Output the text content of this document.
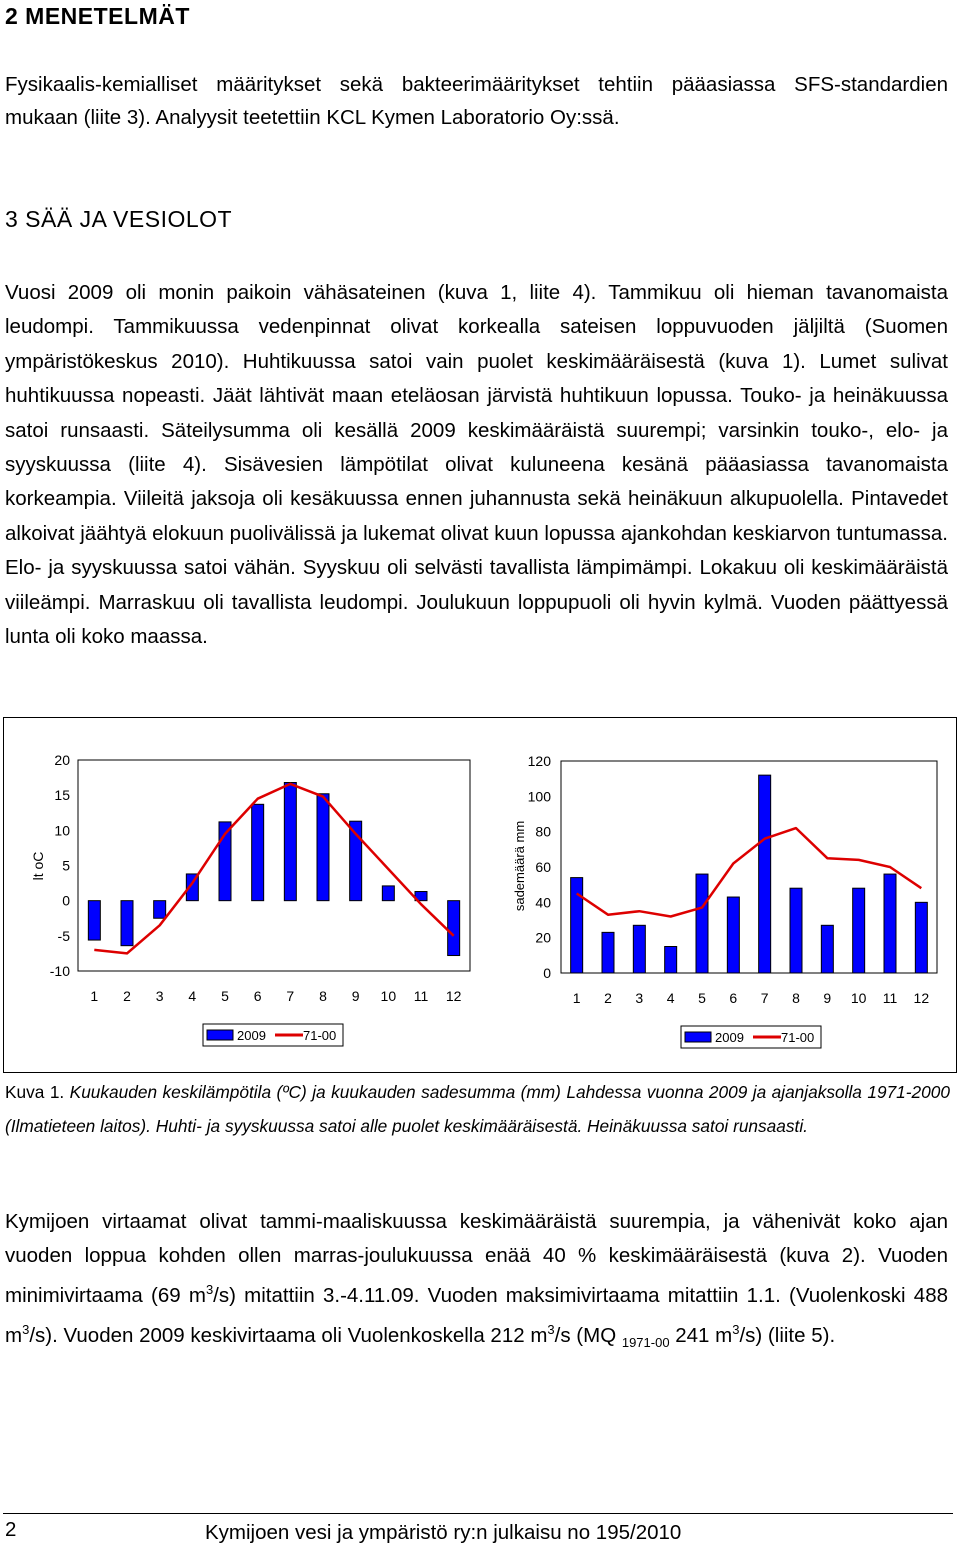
2 MENETELMÄT
Fysikaalis-kemialliset määritykset sekä bakteerimääritykset tehtiin pääasiassa SFS-standardien mukaan (liite 3). Analyysit teetettiin KCL Kymen Laboratorio Oy:ssä.
3 SÄÄ JA VESIOLOT
Vuosi 2009 oli monin paikoin vähäsateinen (kuva 1, liite 4). Tammikuu oli hieman tavanomaista leudompi. Tammikuussa vedenpinnat olivat korkealla sateisen loppuvuoden jäljiltä (Suomen ympäristökeskus 2010). Huhtikuussa satoi vain puolet keskimääräisestä (kuva 1). Lumet sulivat huhtikuussa nopeasti. Jäät lähtivät maan eteläosan järvistä huhtikuun lopussa. Touko- ja heinäkuussa satoi runsaasti. Säteilysumma oli kesällä 2009 keskimääräistä suurempi; varsinkin touko-, elo- ja syyskuussa (liite 4). Sisävesien lämpötilat olivat kuluneena kesänä pääasiassa tavanomaista korkeampia. Viileitä jaksoja oli kesäkuussa ennen juhannusta sekä heinäkuun alkupuolella. Pintavedet alkoivat jäähtyä elokuun puolivälissä ja lukemat olivat kuun lopussa ajankohdan keskiarvon tuntumassa. Elo- ja syyskuussa satoi vähän. Syyskuu oli selvästi tavallista lämpimämpi. Lokakuu oli keskimääräistä viileämpi. Marraskuu oli tavallista leudompi. Joulukuun loppupuoli oli hyvin kylmä. Vuoden päättyessä lunta oli koko maassa.
20
15
10
5
0
-5
-10
lt oC
1 2 3 4 5 6 7 8 9 10 11 12
2009	71-00
120
100
80
60
40
20
0
sademäärä mm
1 2 3 4 5 6 7 8 9 10 11 12
2009	71-00
Kuva 1. Kuukauden keskilämpötila (ºC) ja kuukauden sadesumma (mm) Lahdessa vuonna 2009 ja ajanjaksolla 1971-2000 (Ilmatieteen laitos). Huhti- ja syyskuussa satoi alle puolet keskimääräisestä. Heinäkuussa satoi runsaasti.
Kymijoen virtaamat olivat tammi-maaliskuussa keskimääräistä suurempia, ja vähenivät koko ajan vuoden loppua kohden ollen marras-joulukuussa enää 40 % keskimääräisestä (kuva 2). Vuoden minimivirtaama (69 $m^3/s$) mitattiin 3.-4.11.09. Vuoden maksimivirtaama mitattiin 1.1. (Vuolenkoski 488 $m^3/s$). Vuoden 2009 keskivirtaama oli Vuolenkoskella 212 $m^3/s$ (MQ $_{1971-00}$ 241 $m^3/s$) (liite 5).
2	Kymijoen vesi ja ympäristö ry:n julkaisu no 195/2010
